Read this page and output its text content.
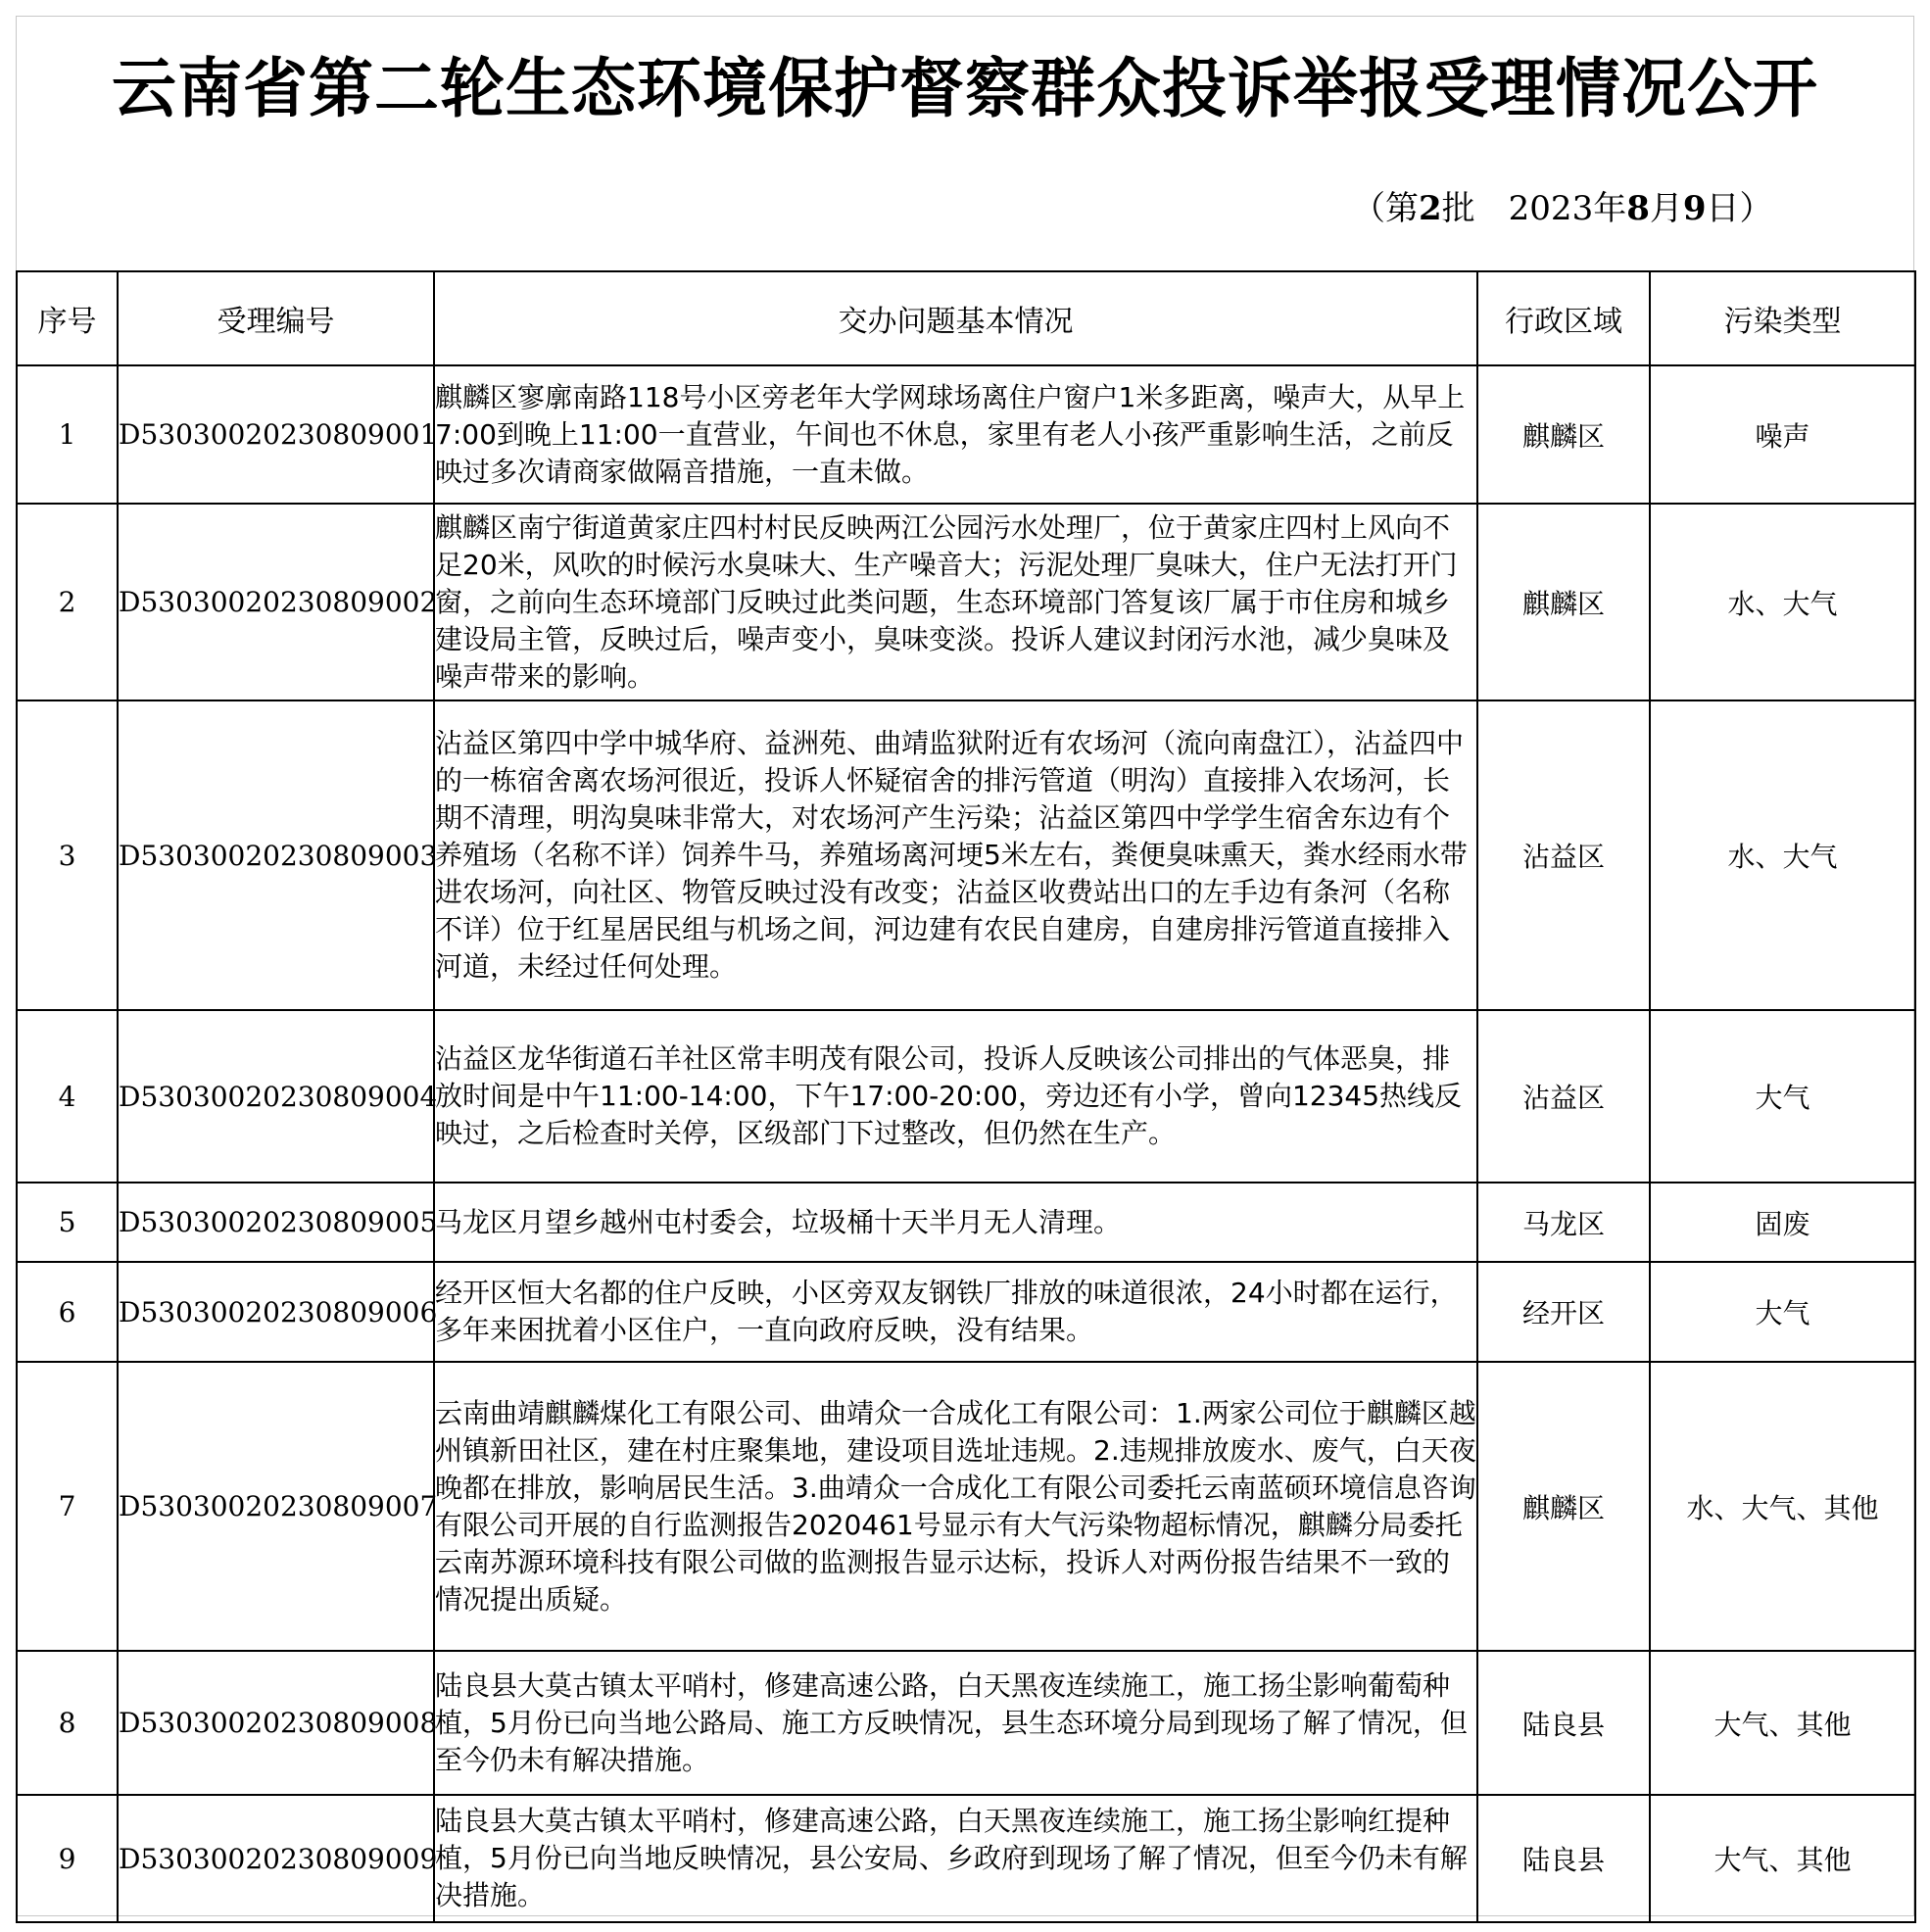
云南省第二轮生态环境保护督察群众投诉举报受理情况公开
（第2批 2023年8月9日）
序号	受理编号	交办问题基本情况	行政区域	污染类型
1	D53030020230809001	麒麟区寥廓南路118号小区旁老年大学网球场离住户窗户1米多距离，噪声大，从早上7:00到晚上11:00一直营业，午间也不休息，家里有老人小孩严重影响生活，之前反映过多次请商家做隔音措施，一直未做。	麒麟区	噪声
2	D53030020230809002	麒麟区南宁街道黄家庄四村村民反映两江公园污水处理厂，位于黄家庄四村上风向不足20米，风吹的时候污水臭味大、生产噪音大；污泥处理厂臭味大，住户无法打开门窗，之前向生态环境部门反映过此类问题，生态环境部门答复该厂属于市住房和城乡建设局主管，反映过后，噪声变小，臭味变淡。投诉人建议封闭污水池，减少臭味及噪声带来的影响。	麒麟区	水、大气
3	D53030020230809003	沾益区第四中学中城华府、益洲苑、曲靖监狱附近有农场河（流向南盘江），沾益四中的一栋宿舍离农场河很近，投诉人怀疑宿舍的排污管道（明沟）直接排入农场河，长期不清理，明沟臭味非常大，对农场河产生污染；沾益区第四中学学生宿舍东边有个养殖场（名称不详）饲养牛马，养殖场离河埂5米左右，粪便臭味熏天，粪水经雨水带进农场河，向社区、物管反映过没有改变；沾益区收费站出口的左手边有条河（名称不详）位于红星居民组与机场之间，河边建有农民自建房，自建房排污管道直接排入河道，未经过任何处理。	沾益区	水、大气
4	D53030020230809004	沾益区龙华街道石羊社区常丰明茂有限公司，投诉人反映该公司排出的气体恶臭，排放时间是中午11:00-14:00，下午17:00-20:00，旁边还有小学，曾向12345热线反映过，之后检查时关停，区级部门下过整改，但仍然在生产。	沾益区	大气
5	D53030020230809005	马龙区月望乡越州屯村委会，垃圾桶十天半月无人清理。	马龙区	固废
6	D53030020230809006	经开区恒大名都的住户反映，小区旁双友钢铁厂排放的味道很浓，24小时都在运行，多年来困扰着小区住户，一直向政府反映，没有结果。	经开区	大气
7	D53030020230809007	云南曲靖麒麟煤化工有限公司、曲靖众一合成化工有限公司：1.两家公司位于麒麟区越州镇新田社区，建在村庄聚集地，建设项目选址违规。2.违规排放废水、废气，白天夜晚都在排放，影响居民生活。3.曲靖众一合成化工有限公司委托云南蓝硕环境信息咨询有限公司开展的自行监测报告2020461号显示有大气污染物超标情况，麒麟分局委托云南苏源环境科技有限公司做的监测报告显示达标，投诉人对两份报告结果不一致的情况提出质疑。	麒麟区	水、大气、其他
8	D53030020230809008	陆良县大莫古镇太平哨村，修建高速公路，白天黑夜连续施工，施工扬尘影响葡萄种植，5月份已向当地公路局、施工方反映情况，县生态环境分局到现场了解了情况，但至今仍未有解决措施。	陆良县	大气、其他
9	D53030020230809009	陆良县大莫古镇太平哨村，修建高速公路，白天黑夜连续施工，施工扬尘影响红提种植，5月份已向当地反映情况，县公安局、乡政府到现场了解了情况，但至今仍未有解决措施。	陆良县	大气、其他
